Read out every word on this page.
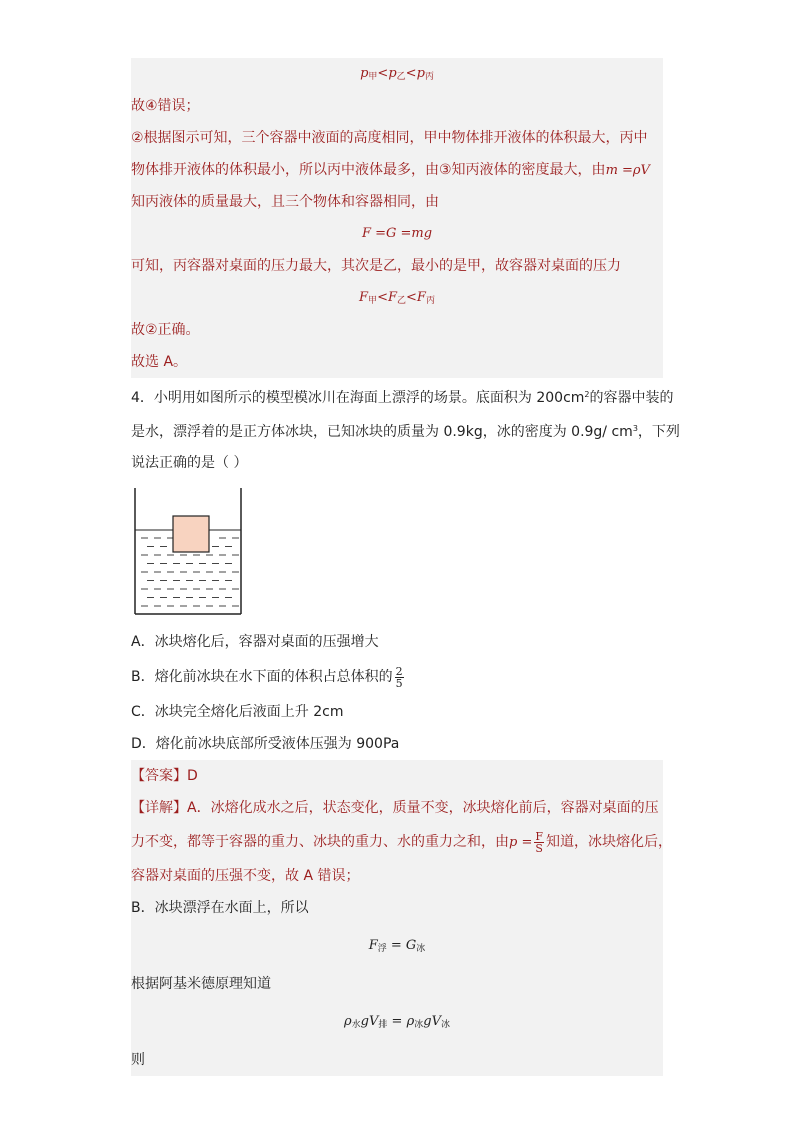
$p_甲<p_乙<p_丙$
故④错误；
②根据图示可知，三个容器中液面的高度相同，甲中物体排开液体的体积最大，丙中
物体排开液体的体积最小，所以丙中液体最多，由③知丙液体的密度最大，由m =ρV
知丙液体的质量最大，且三个物体和容器相同，由
F =G =mg
可知，丙容器对桌面的压力最大，其次是乙，最小的是甲，故容器对桌面的压力
$F_甲<F_乙<F_丙$
故②正确。
故选 A。
4．小明用如图所示的模型模冰川在海面上漂浮的场景。底面积为 $200cm^2$的容器中装的
是水，漂浮着的是正方体冰块，已知冰块的质量为 0.9kg，冰的密度为 0.9g/ $cm^3$，下列
说法正确的是（ ）
A．冰块熔化后，容器对桌面的压强增大
B．熔化前冰块在水下面的体积占总体积的 $\frac{2}{5}$
C．冰块完全熔化后液面上升 2cm
D．熔化前冰块底部所受液体压强为 900Pa
【答案】D
【详解】A．冰熔化成水之后，状态变化，质量不变，冰块熔化前后，容器对桌面的压
力不变，都等于容器的重力、冰块的重力、水的重力之和，由$p = \frac{F}{S}$ 知道，冰块熔化后，
容器对桌面的压强不变，故 A 错误；
B．冰块漂浮在水面上，所以
$F_浮 = G_冰$
根据阿基米德原理知道
$\rho_水gV_排 = \rho_冰gV_冰$
则
